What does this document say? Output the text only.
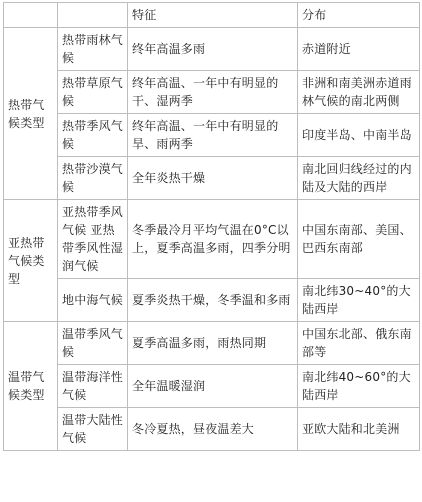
		特征	分布
热带气候类型	热带雨林气候	终年高温多雨	赤道附近
	热带草原气候	终年高温、一年中有明显的干、湿两季	非洲和南美洲赤道雨林气候的南北两侧
	热带季风气候	终年高温、一年中有明显的旱、雨两季	印度半岛、中南半岛
	热带沙漠气候	全年炎热干燥	南北回归线经过的内陆及大陆的西岸
亚热带气候类型	亚热带季风气候 亚热带季风性湿润气候	冬季最冷月平均气温在0°C以上，夏季高温多雨，四季分明	中国东南部、美国、巴西东南部
	地中海气候	夏季炎热干燥，冬季温和多雨	南北纬30~40°的大陆西岸
温带气候类型	温带季风气候	夏季高温多雨，雨热同期	中国东北部、俄东南部等
	温带海洋性气候	全年温暖湿润	南北纬40~60°的大陆西岸
	温带大陆性气候	冬冷夏热，昼夜温差大	亚欧大陆和北美洲
